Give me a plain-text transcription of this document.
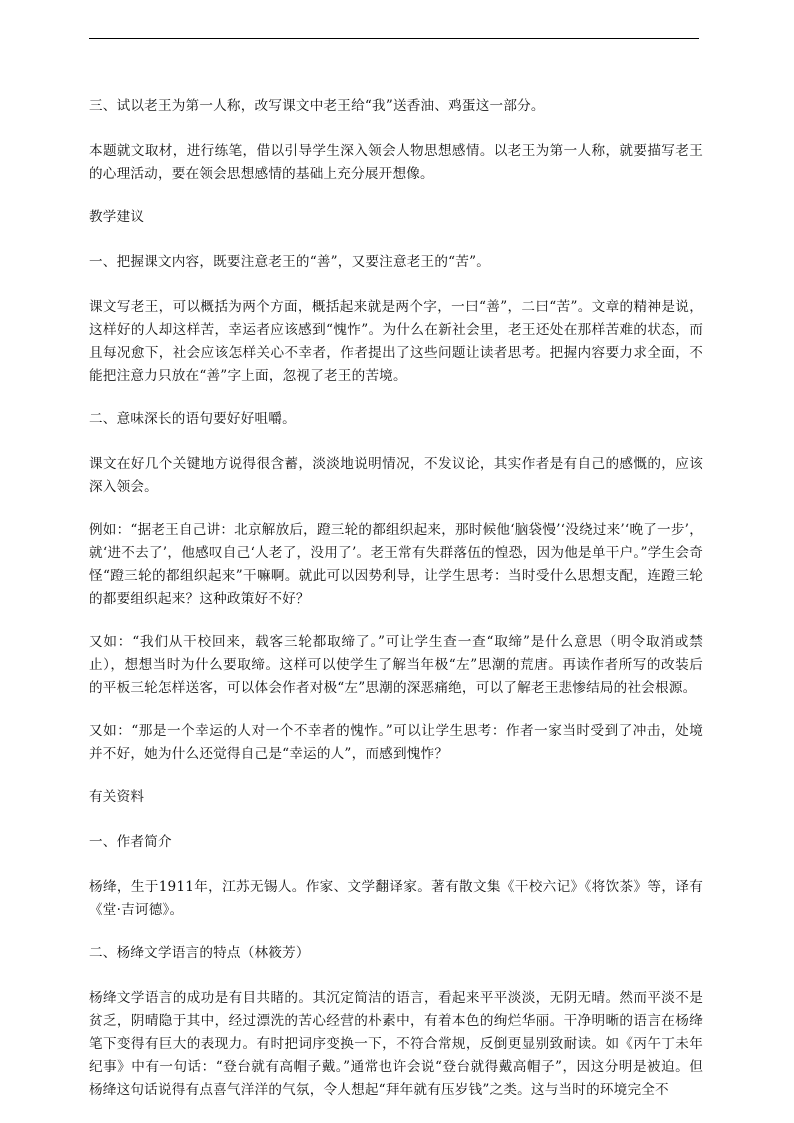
三、试以老王为第一人称，改写课文中老王给“我”送香油、鸡蛋这一部分。

本题就文取材，进行练笔，借以引导学生深入领会人物思想感情。以老王为第一人称，就要描写老王的心理活动，要在领会思想感情的基础上充分展开想像。

教学建议

一、把握课文内容，既要注意老王的“善”，又要注意老王的“苦”。

课文写老王，可以概括为两个方面，概括起来就是两个字，一曰“善”，二曰“苦”。文章的精神是说，这样好的人却这样苦，幸运者应该感到“愧怍”。为什么在新社会里，老王还处在那样苦难的状态，而且每况愈下，社会应该怎样关心不幸者，作者提出了这些问题让读者思考。把握内容要力求全面，不能把注意力只放在“善”字上面，忽视了老王的苦境。

二、意味深长的语句要好好咀嚼。

课文在好几个关键地方说得很含蓄，淡淡地说明情况，不发议论，其实作者是有自己的感慨的，应该深入领会。

例如：“据老王自己讲：北京解放后，蹬三轮的都组织起来，那时候他‘脑袋慢’‘没绕过来’‘晚了一步’，就‘进不去了’，他感叹自己‘人老了，没用了’。老王常有失群落伍的惶恐，因为他是单干户。”学生会奇怪“蹬三轮的都组织起来”干嘛啊。就此可以因势利导，让学生思考：当时受什么思想支配，连蹬三轮的都要组织起来？这种政策好不好？

又如：“我们从干校回来，载客三轮都取缔了。”可让学生查一查“取缔”是什么意思（明令取消或禁止），想想当时为什么要取缔。这样可以使学生了解当年极“左”思潮的荒唐。再读作者所写的改装后的平板三轮怎样送客，可以体会作者对极“左”思潮的深恶痛绝，可以了解老王悲惨结局的社会根源。

又如：“那是一个幸运的人对一个不幸者的愧怍。”可以让学生思考：作者一家当时受到了冲击，处境并不好，她为什么还觉得自己是“幸运的人”，而感到愧怍？

有关资料

一、作者简介

杨绛，生于1911年，江苏无锡人。作家、文学翻译家。著有散文集《干校六记》《将饮茶》等，译有《堂·吉诃德》。

二、杨绛文学语言的特点（林筱芳）

杨绛文学语言的成功是有目共睹的。其沉定简洁的语言，看起来平平淡淡，无阴无晴。然而平淡不是贫乏，阴晴隐于其中，经过漂洗的苦心经营的朴素中，有着本色的绚烂华丽。干净明晰的语言在杨绛笔下变得有巨大的表现力。有时把词序变换一下，不符合常规，反倒更显别致耐读。如《丙午丁未年纪事》中有一句话：“登台就有高帽子戴。”通常也许会说“登台就得戴高帽子”，因这分明是被迫。但杨绛这句话说得有点喜气洋洋的气氛，令人想起“拜年就有压岁钱”之类。这与当时的环境完全不
